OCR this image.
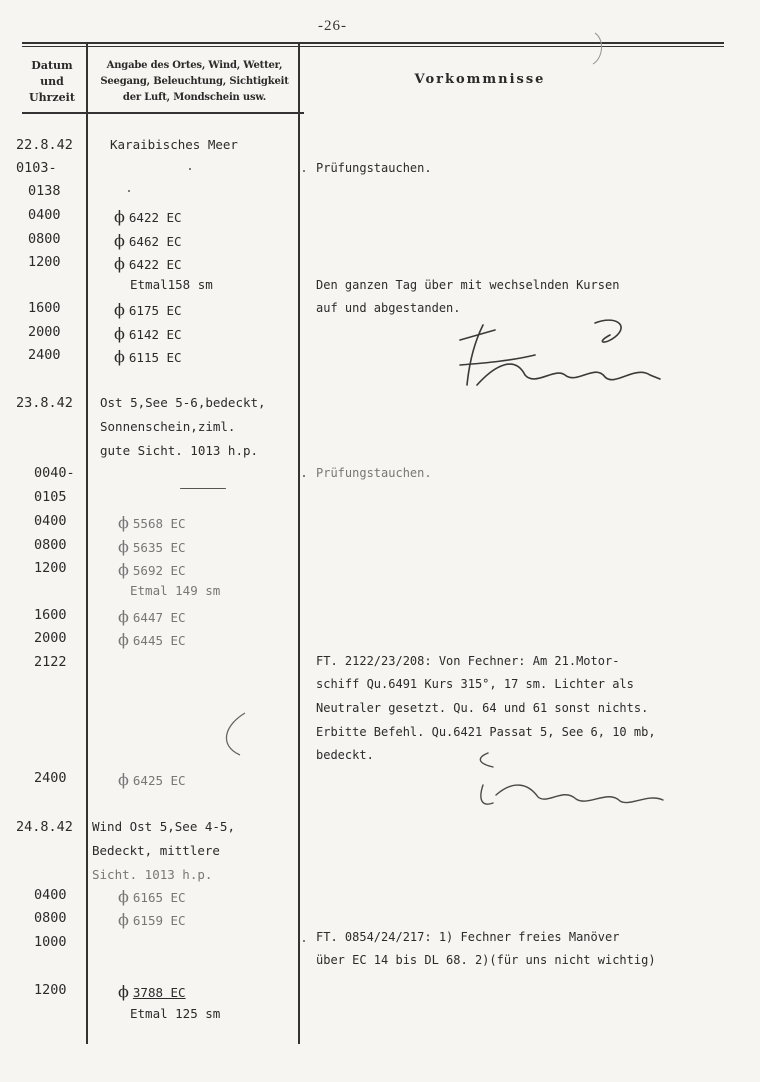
-26-
Datum
und
Uhrzeit
Angabe des Ortes, Wind, Wetter,
Seegang, Beleuchtung, Sichtigkeit
der Luft, Mondschein usw.
Vorkommnisse
22.8.42
0103-
0138
0400
0800
1200
1600
2000
2400
23.8.42
0040-
0105
0400
0800
1200
1600
2000
2122
2400
24.8.42
0400
0800
1000
1200
Karaibisches Meer
ϕ 6422 EC
ϕ 6462 EC
ϕ 6422 EC
Etmal158 sm
ϕ 6175 EC
ϕ 6142 EC
ϕ 6115 EC
Ost 5,See 5-6,bedeckt,
Sonnenschein,ziml.
gute Sicht. 1013 h.p.
ϕ 5568 EC
ϕ 5635 EC
ϕ 5692 EC
Etmal 149 sm
ϕ 6447 EC
ϕ 6445 EC
ϕ 6425 EC
Wind Ost 5,See 4-5,
Bedeckt, mittlere
Sicht. 1013 h.p.
ϕ 6165 EC
ϕ 6159 EC
ϕ 3788 EC
Etmal 125 sm
Prüfungstauchen.
Den ganzen Tag über mit wechselnden Kursen
auf und abgestanden.
Prüfungstauchen.
FT. 2122/23/208: Von Fechner: Am 21.Motor-
schiff Qu.6491 Kurs 315°, 17 sm. Lichter als
Neutraler gesetzt. Qu. 64 und 61 sonst nichts.
Erbitte Befehl. Qu.6421 Passat 5, See 6, 10 mb,
bedeckt.
FT. 0854/24/217: 1) Fechner freies Manöver
über EC 14 bis DL 68. 2)(für uns nicht wichtig)
